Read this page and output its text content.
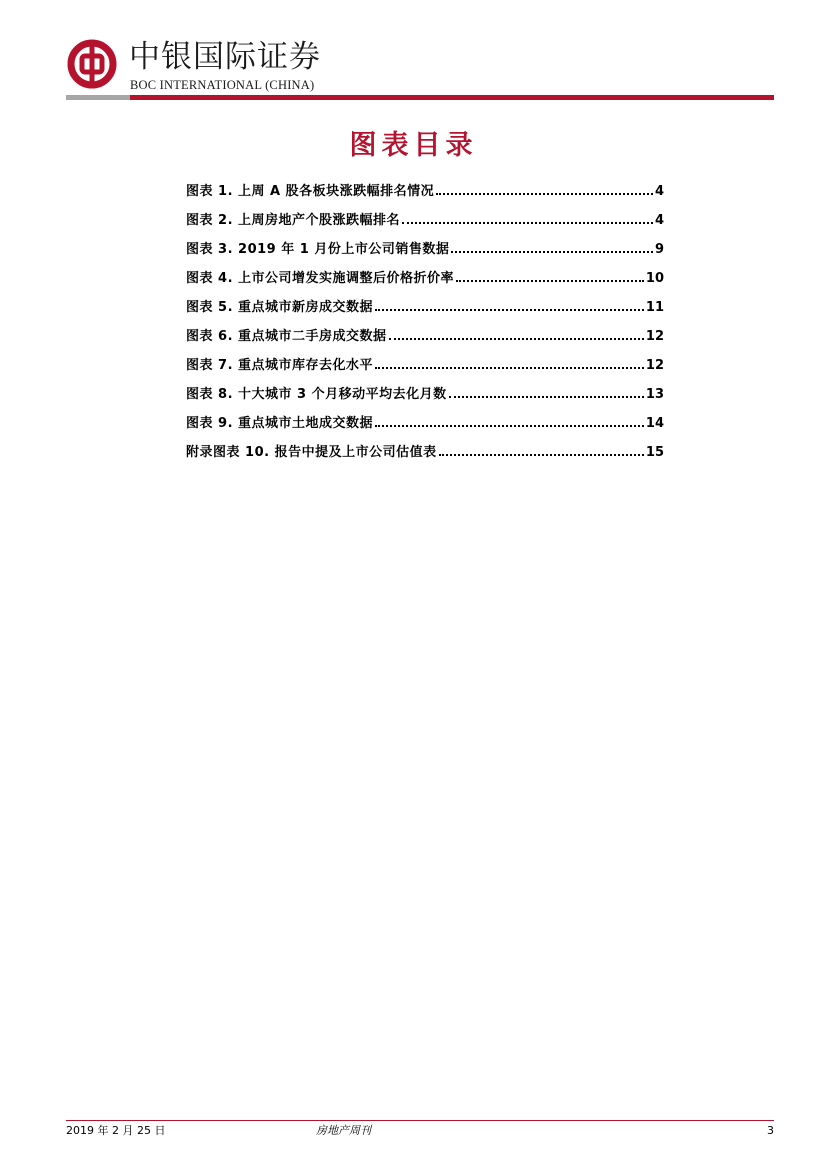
中银国际证券
BOC INTERNATIONAL (CHINA)
图表目录
图表 1. 上周 A 股各板块涨跌幅排名情况	4
图表 2. 上周房地产个股涨跌幅排名	4
图表 3. 2019 年 1 月份上市公司销售数据	9
图表 4. 上市公司增发实施调整后价格折价率	10
图表 5. 重点城市新房成交数据	11
图表 6. 重点城市二手房成交数据	12
图表 7. 重点城市库存去化水平	12
图表 8. 十大城市 3 个月移动平均去化月数	13
图表 9. 重点城市土地成交数据	14
附录图表 10. 报告中提及上市公司估值表	15
2019 年 2 月 25 日	房地产周刊	3
